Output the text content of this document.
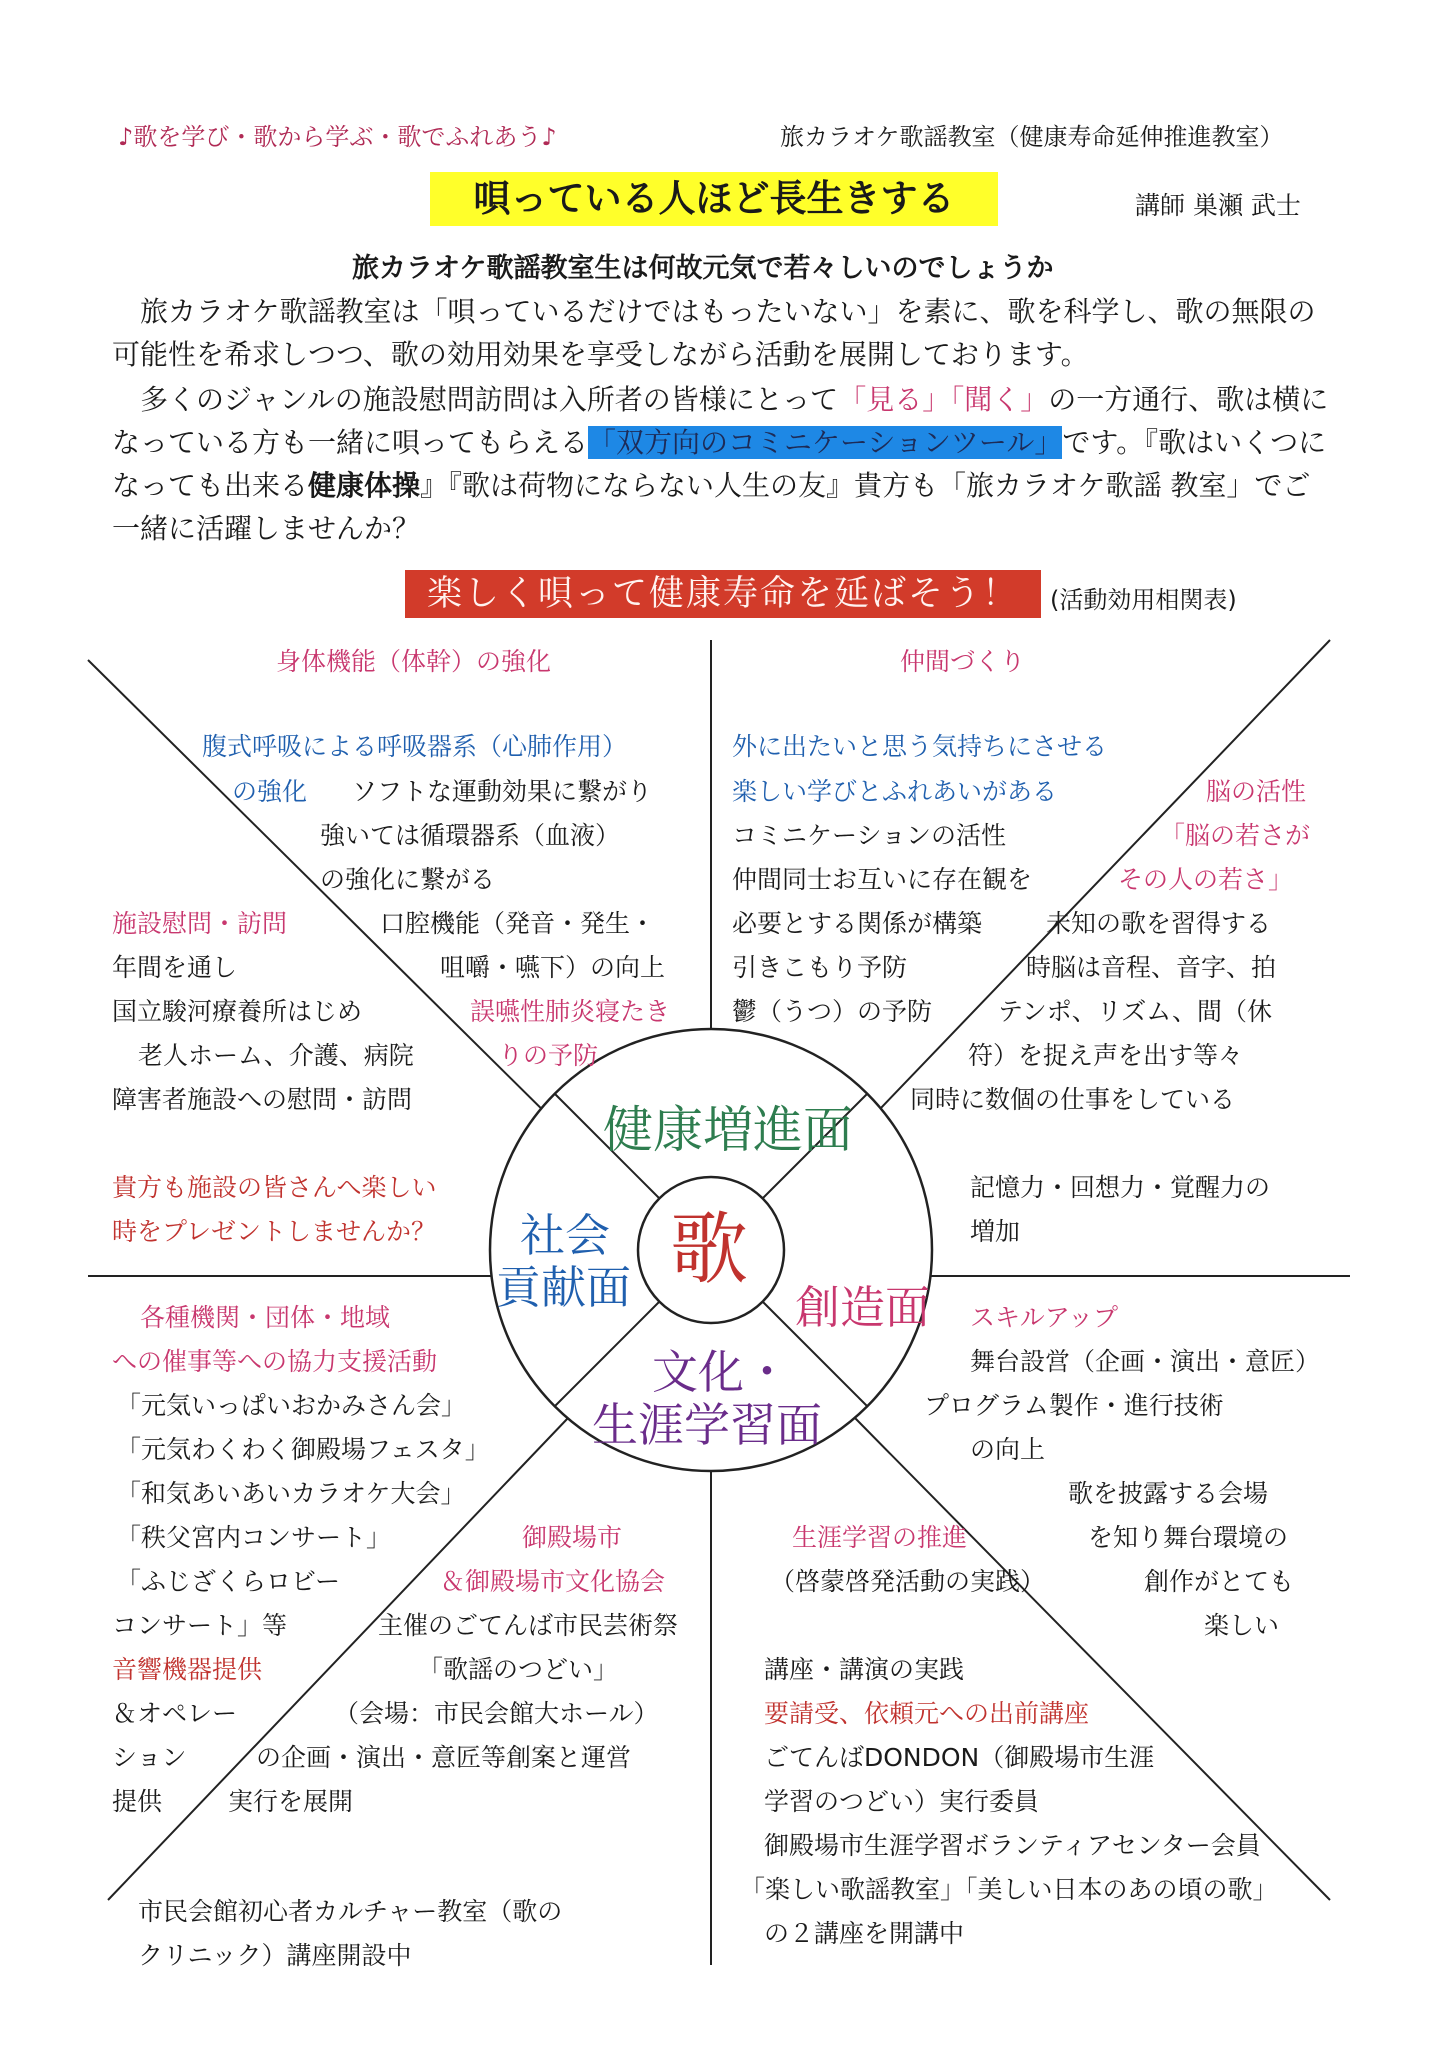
♪歌を学び・歌から学ぶ・歌でふれあう♪	旅カラオケ歌謡教室（健康寿命延伸推進教室）
唄っている人ほど長生きする	講師 巣瀬 武士
旅カラオケ歌謡教室生は何故元気で若々しいのでしょうか
旅カラオケ歌謡教室は「唄っているだけではもったいない」を素に、歌を科学し、歌の無限の可能性を希求しつつ、歌の効用効果を享受しながら活動を展開しております。
多くのジャンルの施設慰問訪問は入所者の皆様にとって「見る」「聞く」の一方通行、歌は横になっている方も一緒に唄ってもらえる「双方向のコミニケーションツール」です。『歌はいくつになっても出来る健康体操』『歌は荷物にならない人生の友』貴方も「旅カラオケ歌謡 教室」でご一緒に活躍しませんか？
楽しく唄って健康寿命を延ばそう！	(活動効用相関表)
歌
健康増進面
社会
貢献面	創造面
文化・
生涯学習面
身体機能（体幹）の強化
腹式呼吸による呼吸器系（心肺作用）
の強化 ソフトな運動効果に繋がり
強いては循環器系（血液）
の強化に繋がる
口腔機能（発音・発生・
咀嚼・嚥下）の向上
誤嚥性肺炎寝たき
りの予防
施設慰問・訪問
年間を通し
国立駿河療養所はじめ
老人ホーム、介護、病院
障害者施設への慰問・訪問
貴方も施設の皆さんへ楽しい
時をプレゼントしませんか？
仲間づくり
外に出たいと思う気持ちにさせる
楽しい学びとふれあいがある
コミニケーションの活性
仲間同士お互いに存在観を
必要とする関係が構築
引きこもり予防
鬱（うつ）の予防
脳の活性
「脳の若さが
その人の若さ」
未知の歌を習得する
時脳は音程、音字、拍
テンポ、リズム、間（休
符）を捉え声を出す等々
同時に数個の仕事をしている
記憶力・回想力・覚醒力の
増加
各種機関・団体・地域
への催事等への協力支援活動
「元気いっぱいおかみさん会」
「元気わくわく御殿場フェスタ」
「和気あいあいカラオケ大会」
「秩父宮内コンサート」
「ふじざくらロビー
コンサート」等
音響機器提供
＆オペレー
ション
提供
御殿場市
＆御殿場市文化協会
主催のごてんば市民芸術祭
「歌謡のつどい」
（会場：市民会館大ホール）
の企画・演出・意匠等創案と運営
実行を展開
市民会館初心者カルチャー教室（歌の
クリニック）講座開設中
スキルアップ
舞台設営（企画・演出・意匠）
プログラム製作・進行技術
の向上
歌を披露する会場
を知り舞台環境の
創作がとても
楽しい
生涯学習の推進
（啓蒙啓発活動の実践）
講座・講演の実践
要請受、依頼元への出前講座
ごてんばDONDON（御殿場市生涯
学習のつどい）実行委員
御殿場市生涯学習ボランティアセンター会員
「楽しい歌謡教室」「美しい日本のあの頃の歌」
の２講座を開講中
